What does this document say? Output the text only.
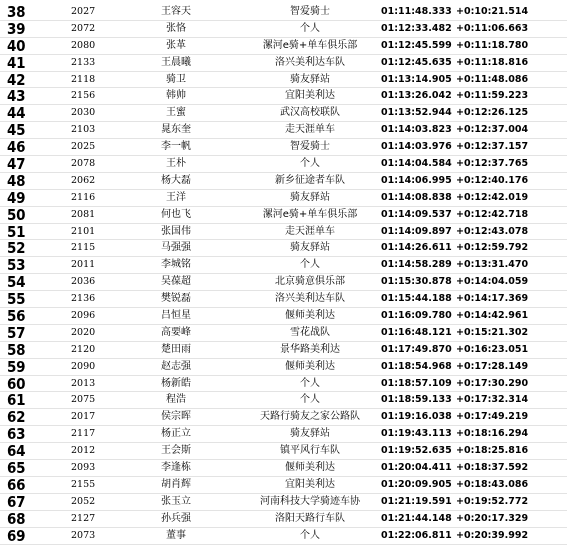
38	2027	王容天	智爱骑士	01:11:48.333 +0:10:21.514
39	2072	张恪	个人	01:12:33.482 +0:11:06.663
40	2080	张革	漯河e骑+单车俱乐部	01:12:45.599 +0:11:18.780
41	2133	王晨曦	洛兴美利达车队	01:12:45.635 +0:11:18.816
42	2118	骑卫	骑友驿站	01:13:14.905 +0:11:48.086
43	2156	韩帅	宜阳美利达	01:13:26.042 +0:11:59.223
44	2030	王蜜	武汉高校联队	01:13:52.944 +0:12:26.125
45	2103	晁东奎	走天涯单车	01:14:03.823 +0:12:37.004
46	2025	李一帆	智爱骑士	01:14:03.976 +0:12:37.157
47	2078	王朴	个人	01:14:04.584 +0:12:37.765
48	2062	杨大磊	新乡征途者车队	01:14:06.995 +0:12:40.176
49	2116	王洋	骑友驿站	01:14:08.838 +0:12:42.019
50	2081	何也飞	漯河e骑+单车俱乐部	01:14:09.537 +0:12:42.718
51	2101	张国伟	走天涯单车	01:14:09.897 +0:12:43.078
52	2115	马强强	骑友驿站	01:14:26.611 +0:12:59.792
53	2011	李城铭	个人	01:14:58.289 +0:13:31.470
54	2036	吴葆超	北京骑意俱乐部	01:15:30.878 +0:14:04.059
55	2136	樊锐磊	洛兴美利达车队	01:15:44.188 +0:14:17.369
56	2096	吕恒星	偃师美利达	01:16:09.780 +0:14:42.961
57	2020	高要峰	雪花战队	01:16:48.121 +0:15:21.302
58	2120	楚田雨	景华路美利达	01:17:49.870 +0:16:23.051
59	2090	赵志强	偃师美利达	01:18:54.968 +0:17:28.149
60	2013	杨新皓	个人	01:18:57.109 +0:17:30.290
61	2075	程浩	个人	01:18:59.133 +0:17:32.314
62	2017	侯宗晖	天路行骑友之家公路队	01:19:16.038 +0:17:49.219
63	2117	杨正立	骑友驿站	01:19:43.113 +0:18:16.294
64	2012	王会斯	镇平风行车队	01:19:52.635 +0:18:25.816
65	2093	李逢栋	偃师美利达	01:20:04.411 +0:18:37.592
66	2155	胡肖辉	宜阳美利达	01:20:09.905 +0:18:43.086
67	2052	张玉立	河南科技大学骑迹车协	01:21:19.591 +0:19:52.772
68	2127	孙兵强	洛阳天路行车队	01:21:44.148 +0:20:17.329
69	2073	董事	个人	01:22:06.811 +0:20:39.992
